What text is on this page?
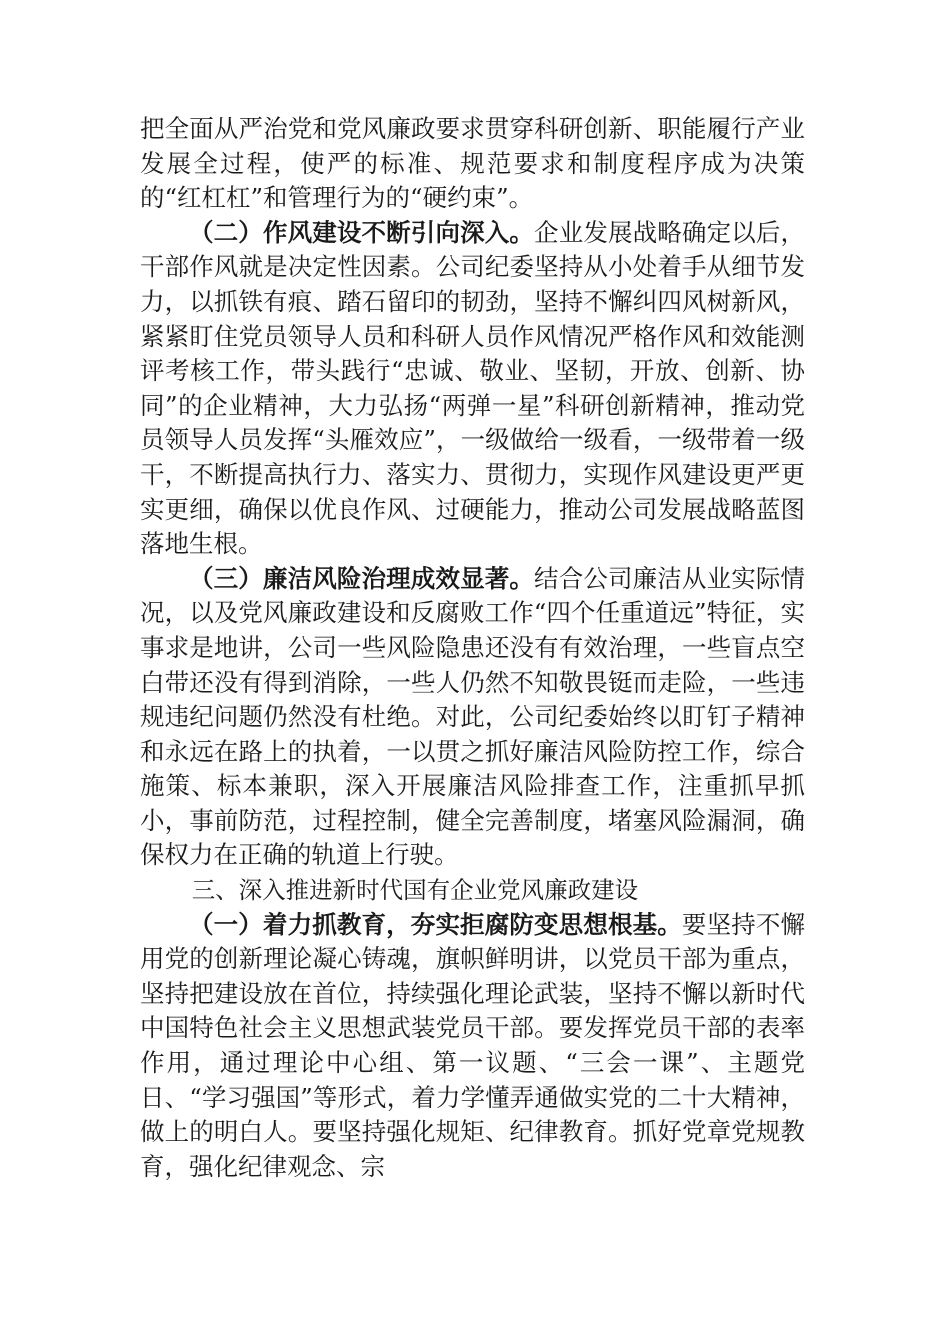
把全面从严治党和党风廉政要求贯穿科研创新、职能履行产业发展全过程，使严的标准、规范要求和制度程序成为决策的“红杠杠”和管理行为的“硬约束”。

（二）作风建设不断引向深入。企业发展战略确定以后，干部作风就是决定性因素。公司纪委坚持从小处着手从细节发力，以抓铁有痕、踏石留印的韧劲，坚持不懈纠四风树新风，紧紧盯住党员领导人员和科研人员作风情况严格作风和效能测评考核工作，带头践行“忠诚、敬业、坚韧，开放、创新、协同”的企业精神，大力弘扬“两弹一星”科研创新精神，推动党员领导人员发挥“头雁效应”，一级做给一级看，一级带着一级干，不断提高执行力、落实力、贯彻力，实现作风建设更严更实更细，确保以优良作风、过硬能力，推动公司发展战略蓝图落地生根。

（三）廉洁风险治理成效显著。结合公司廉洁从业实际情况，以及党风廉政建设和反腐败工作“四个任重道远”特征，实事求是地讲，公司一些风险隐患还没有有效治理，一些盲点空白带还没有得到消除，一些人仍然不知敬畏铤而走险，一些违规违纪问题仍然没有杜绝。对此，公司纪委始终以盯钉子精神和永远在路上的执着，一以贯之抓好廉洁风险防控工作，综合施策、标本兼职，深入开展廉洁风险排查工作，注重抓早抓小，事前防范，过程控制，健全完善制度，堵塞风险漏洞，确保权力在正确的轨道上行驶。

三、深入推进新时代国有企业党风廉政建设

（一）着力抓教育，夯实拒腐防变思想根基。要坚持不懈用党的创新理论凝心铸魂，旗帜鲜明讲，以党员干部为重点，坚持把建设放在首位，持续强化理论武装，坚持不懈以新时代中国特色社会主义思想武装党员干部。要发挥党员干部的表率作用，通过理论中心组、第一议题、“三会一课”、主题党日、“学习强国”等形式，着力学懂弄通做实党的二十大精神，做上的明白人。要坚持强化规矩、纪律教育。抓好党章党规教育，强化纪律观念、宗
